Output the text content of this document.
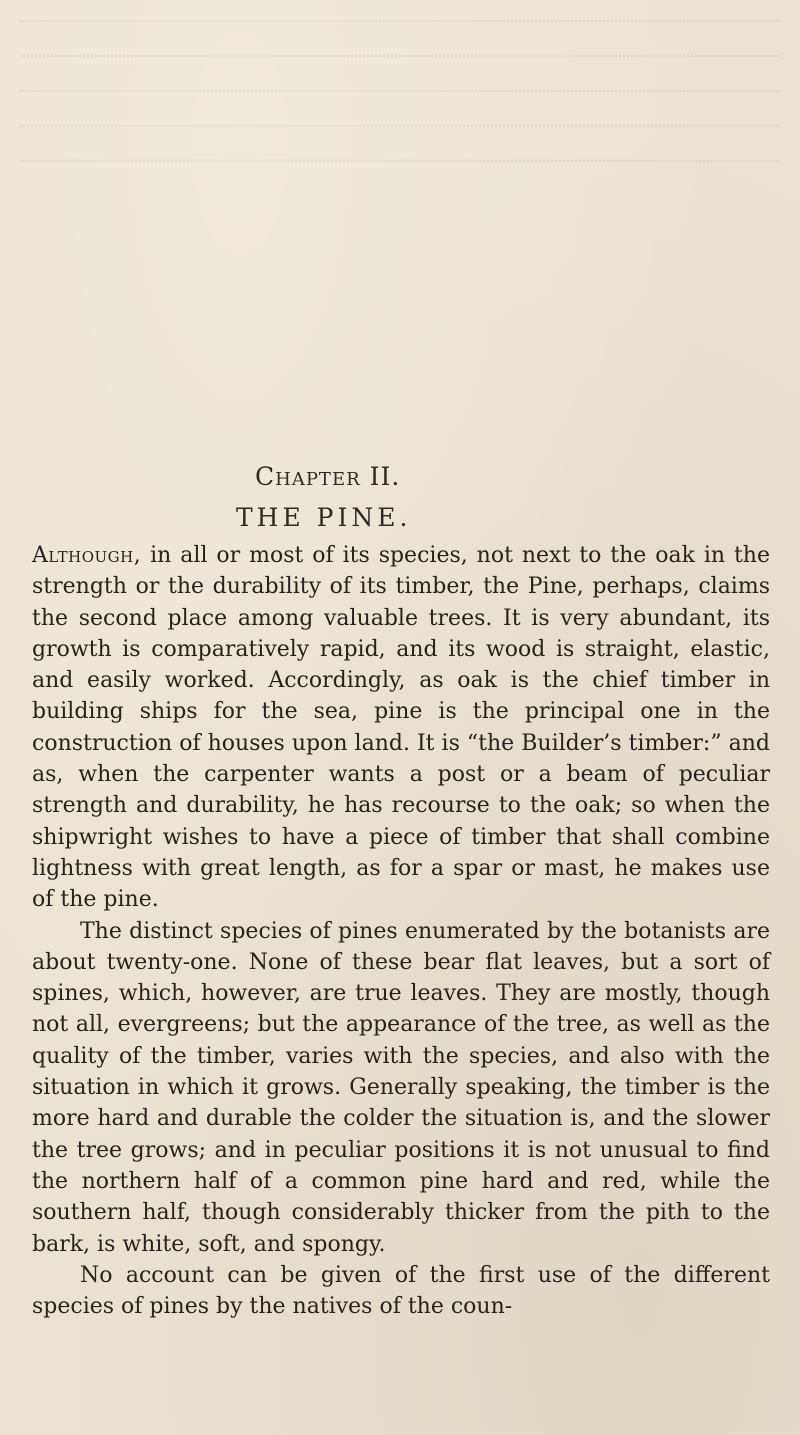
Chapter II.
THE PINE.

Although, in all or most of its species, not next to the oak in the strength or the durability of its timber, the Pine, perhaps, claims the second place among valuable trees. It is very abundant, its growth is comparatively rapid, and its wood is straight, elastic, and easily worked. Accordingly, as oak is the chief timber in building ships for the sea, pine is the principal one in the construction of houses upon land. It is “the Builder’s timber:” and as, when the carpenter wants a post or a beam of peculiar strength and durability, he has recourse to the oak; so when the shipwright wishes to have a piece of timber that shall combine lightness with great length, as for a spar or mast, he makes use of the pine.

The distinct species of pines enumerated by the botanists are about twenty-one. None of these bear flat leaves, but a sort of spines, which, however, are true leaves. They are mostly, though not all, evergreens; but the appearance of the tree, as well as the quality of the timber, varies with the species, and also with the situation in which it grows. Generally speaking, the timber is the more hard and durable the colder the situation is, and the slower the tree grows; and in peculiar positions it is not unusual to find the northern half of a common pine hard and red, while the southern half, though considerably thicker from the pith to the bark, is white, soft, and spongy.

No account can be given of the first use of the different species of pines by the natives of the coun-
